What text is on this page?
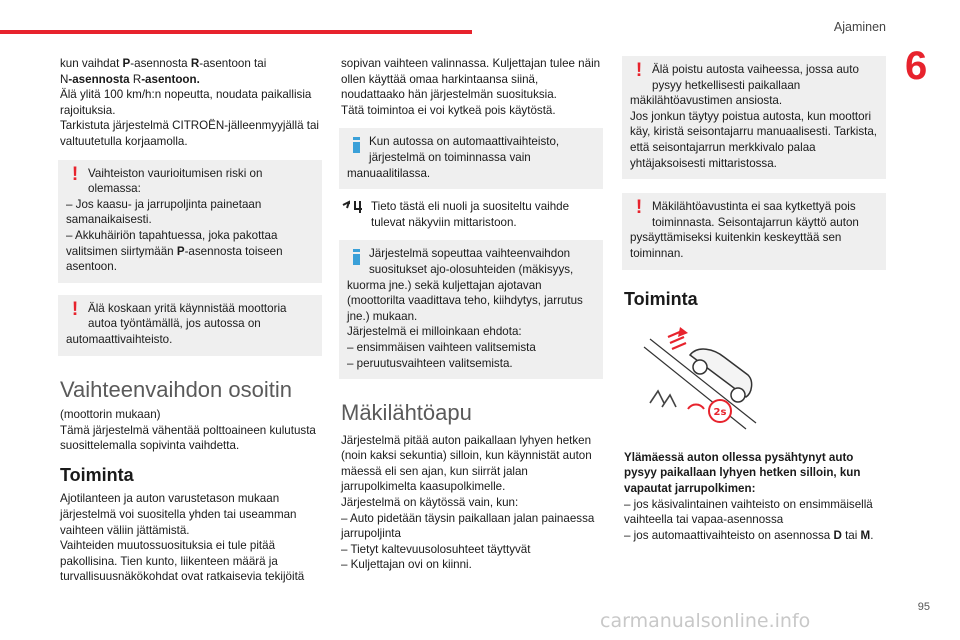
Ajaminen
6
95
carmanualsonline.info

kun vaihdat P-asennosta R-asentoon tai

N-asennosta R-asentoon.

Älä ylitä 100 km/h:n nopeutta, noudata paikallisia rajoituksia.

Tarkistuta järjestelmä CITROËN-jälleenmyyjällä tai valtuutetulla korjaamolla.

! Vaihteiston vaurioitumisen riski on olemassa:

– Jos kaasu- ja jarrupoljinta painetaan samanaikaisesti.

– Akkuhäiriön tapahtuessa, joka pakottaa valitsimen siirtymään P-asennosta toiseen asentoon.

! Älä koskaan yritä käynnistää moottoria autoa työntämällä, jos autossa on automaattivaihteisto.

Vaihteenvaihdon osoitin

(moottorin mukaan)

Tämä järjestelmä vähentää polttoaineen kulutusta suosittelemalla sopivinta vaihdetta.

Toiminta

Ajotilanteen ja auton varustetason mukaan järjestelmä voi suositella yhden tai useamman vaihteen väliin jättämistä.

Vaihteiden muutossuosituksia ei tule pitää pakollisina. Tien kunto, liikenteen määrä ja turvallisuusnäkökohdat ovat ratkaisevia tekijöitä

sopivan vaihteen valinnassa. Kuljettajan tulee näin ollen käyttää omaa harkintaansa siinä, noudattaako hän järjestelmän suosituksia.

Tätä toimintoa ei voi kytkeä pois käytöstä.

Kun autossa on automaattivaihteisto, järjestelmä on toiminnassa vain manuaalitilassa.

Tieto tästä eli nuoli ja suositeltu vaihde tulevat näkyviin mittaristoon.

Järjestelmä sopeuttaa vaihteenvaihdon suositukset ajo-olosuhteiden (mäkisyys, kuorma jne.) sekä kuljettajan ajotavan (moottorilta vaadittava teho, kiihdytys, jarrutus jne.) mukaan.

Järjestelmä ei milloinkaan ehdota:

– ensimmäisen vaihteen valitsemista

– peruutusvaihteen valitsemista.

Mäkilähtöapu

Järjestelmä pitää auton paikallaan lyhyen hetken (noin kaksi sekuntia) silloin, kun käynnistät auton mäessä eli sen ajan, kun siirrät jalan jarrupolkimelta kaasupolkimelle.

Järjestelmä on käytössä vain, kun:

– Auto pidetään täysin paikallaan jalan painaessa jarrupoljinta

– Tietyt kaltevuusolosuhteet täyttyvät

– Kuljettajan ovi on kiinni.

! Älä poistu autosta vaiheessa, jossa auto pysyy hetkellisesti paikallaan mäkilähtöavustimen ansiosta.

Jos jonkun täytyy poistua autosta, kun moottori käy, kiristä seisontajarru manuaalisesti. Tarkista, että seisontajarrun merkkivalo palaa yhtäjaksoisesti mittaristossa.

! Mäkilähtöavustinta ei saa kytkettyä pois toiminnasta. Seisontajarrun käyttö auton pysäyttämiseksi kuitenkin keskeyttää sen toiminnan.

Toiminta
2s

Ylämäessä auton ollessa pysähtynyt auto pysyy paikallaan lyhyen hetken silloin, kun vapautat jarrupolkimen:

– jos käsivalintainen vaihteisto on ensimmäisellä vaihteella tai vapaa-asennossa

– jos automaattivaihteisto on asennossa D tai M.
